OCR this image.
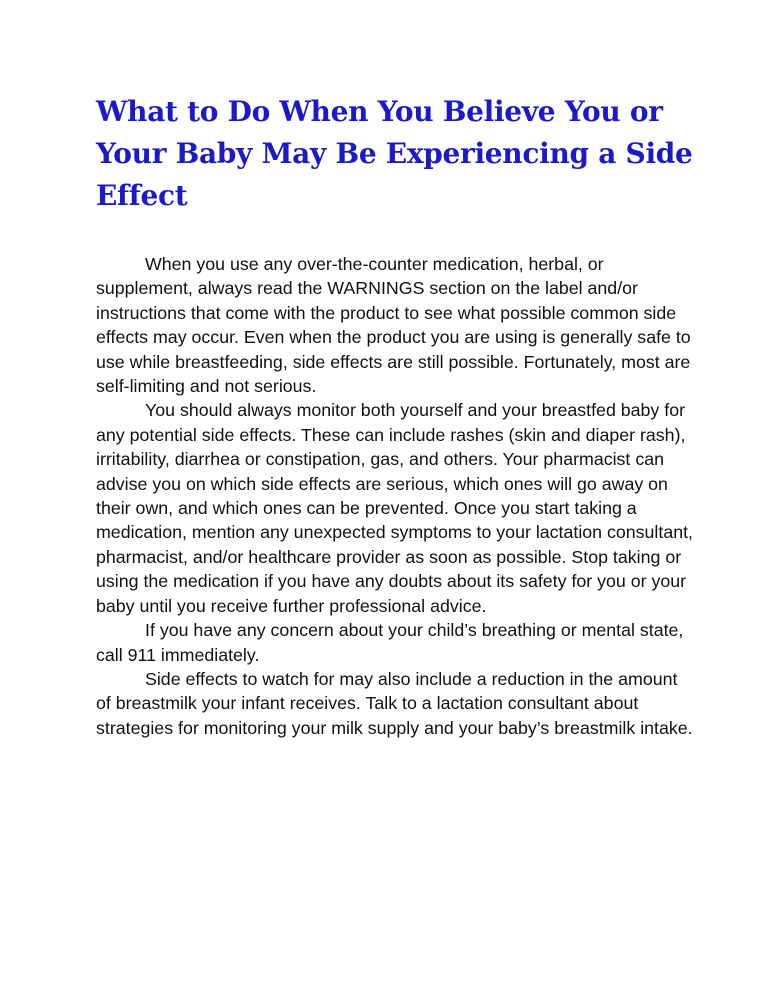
What to Do When You Believe You or Your Baby May Be Experiencing a Side Effect

When you use any over-the-counter medication, herbal, or supplement, always read the WARNINGS section on the label and/or instructions that come with the product to see what possible common side effects may occur. Even when the product you are using is generally safe to use while breastfeeding, side effects are still possible. Fortunately, most are self-limiting and not serious.

You should always monitor both yourself and your breastfed baby for any potential side effects. These can include rashes (skin and diaper rash), irritability, diarrhea or constipation, gas, and others. Your pharmacist can advise you on which side effects are serious, which ones will go away on their own, and which ones can be prevented. Once you start taking a medication, mention any unexpected symptoms to your lactation consultant, pharmacist, and/or healthcare provider as soon as possible. Stop taking or using the medication if you have any doubts about its safety for you or your baby until you receive further professional advice.

If you have any concern about your child’s breathing or mental state, call 911 immediately.

Side effects to watch for may also include a reduction in the amount of breastmilk your infant receives. Talk to a lactation consultant about strategies for monitoring your milk supply and your baby’s breastmilk intake.
